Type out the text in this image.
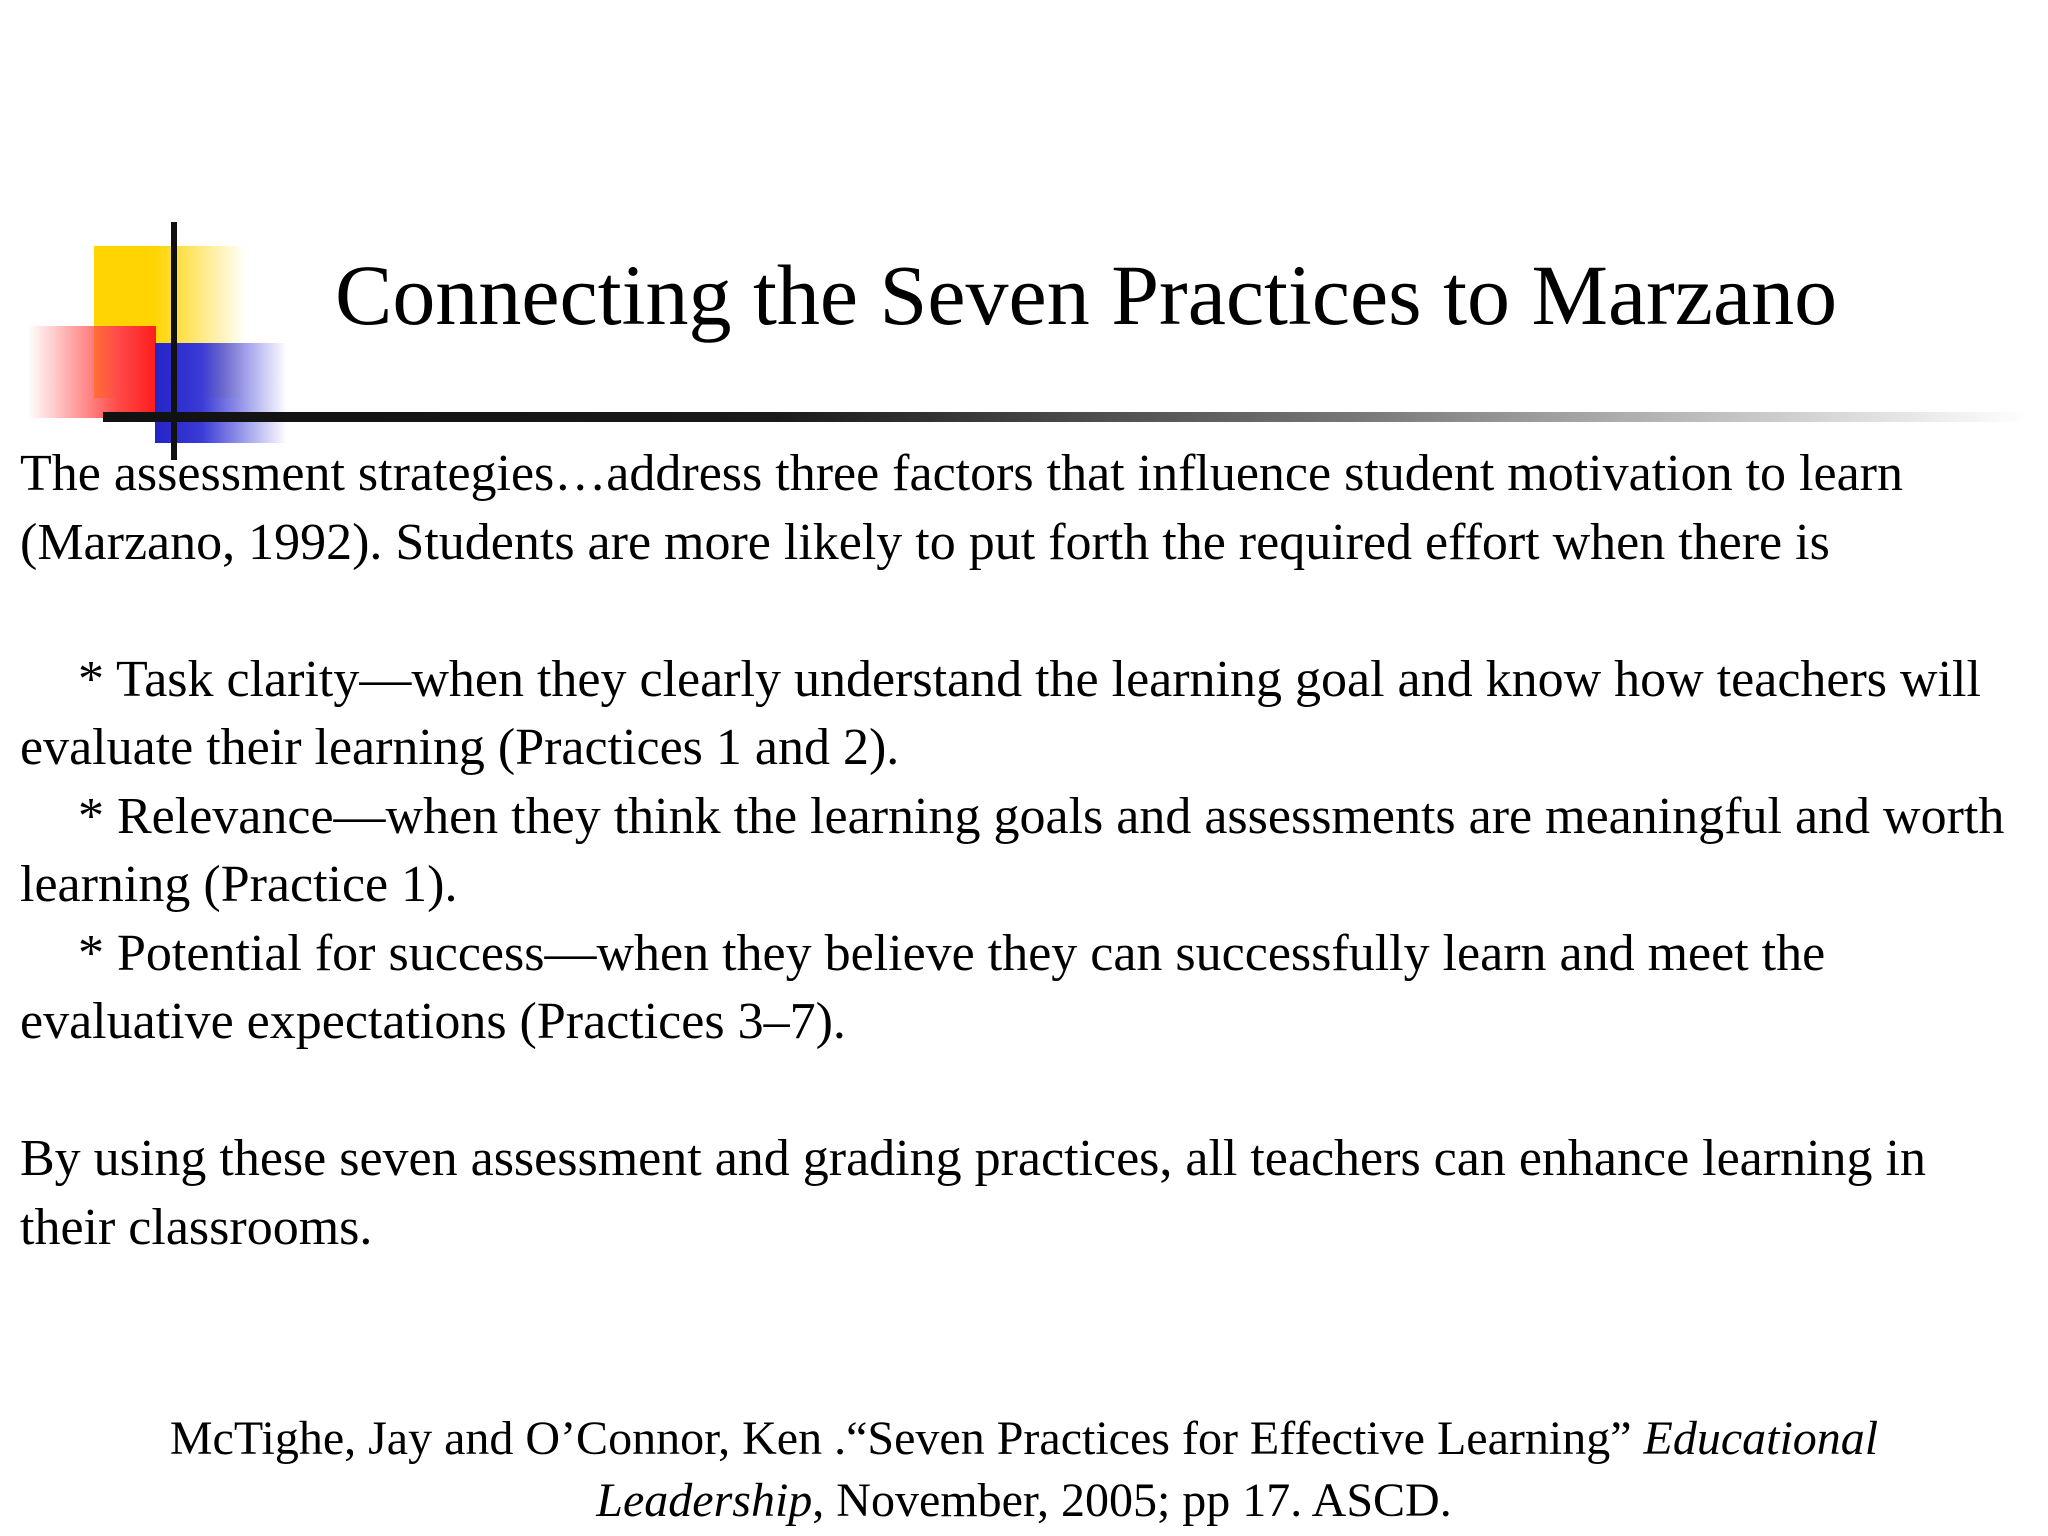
Connecting the Seven Practices to Marzano

The assessment strategies…address three factors that influence student motivation to learn (Marzano, 1992). Students are more likely to put forth the required effort when there is

* Task clarity—when they clearly understand the learning goal and know how teachers will evaluate their learning (Practices 1 and 2).

* Relevance—when they think the learning goals and assessments are meaningful and worth learning (Practice 1).

* Potential for success—when they believe they can successfully learn and meet the evaluative expectations (Practices 3–7).

By using these seven assessment and grading practices, all teachers can enhance learning in their classrooms.

McTighe, Jay and O’Connor, Ken .“Seven Practices for Effective Learning” Educational
Leadership, November, 2005; pp 17. ASCD.
